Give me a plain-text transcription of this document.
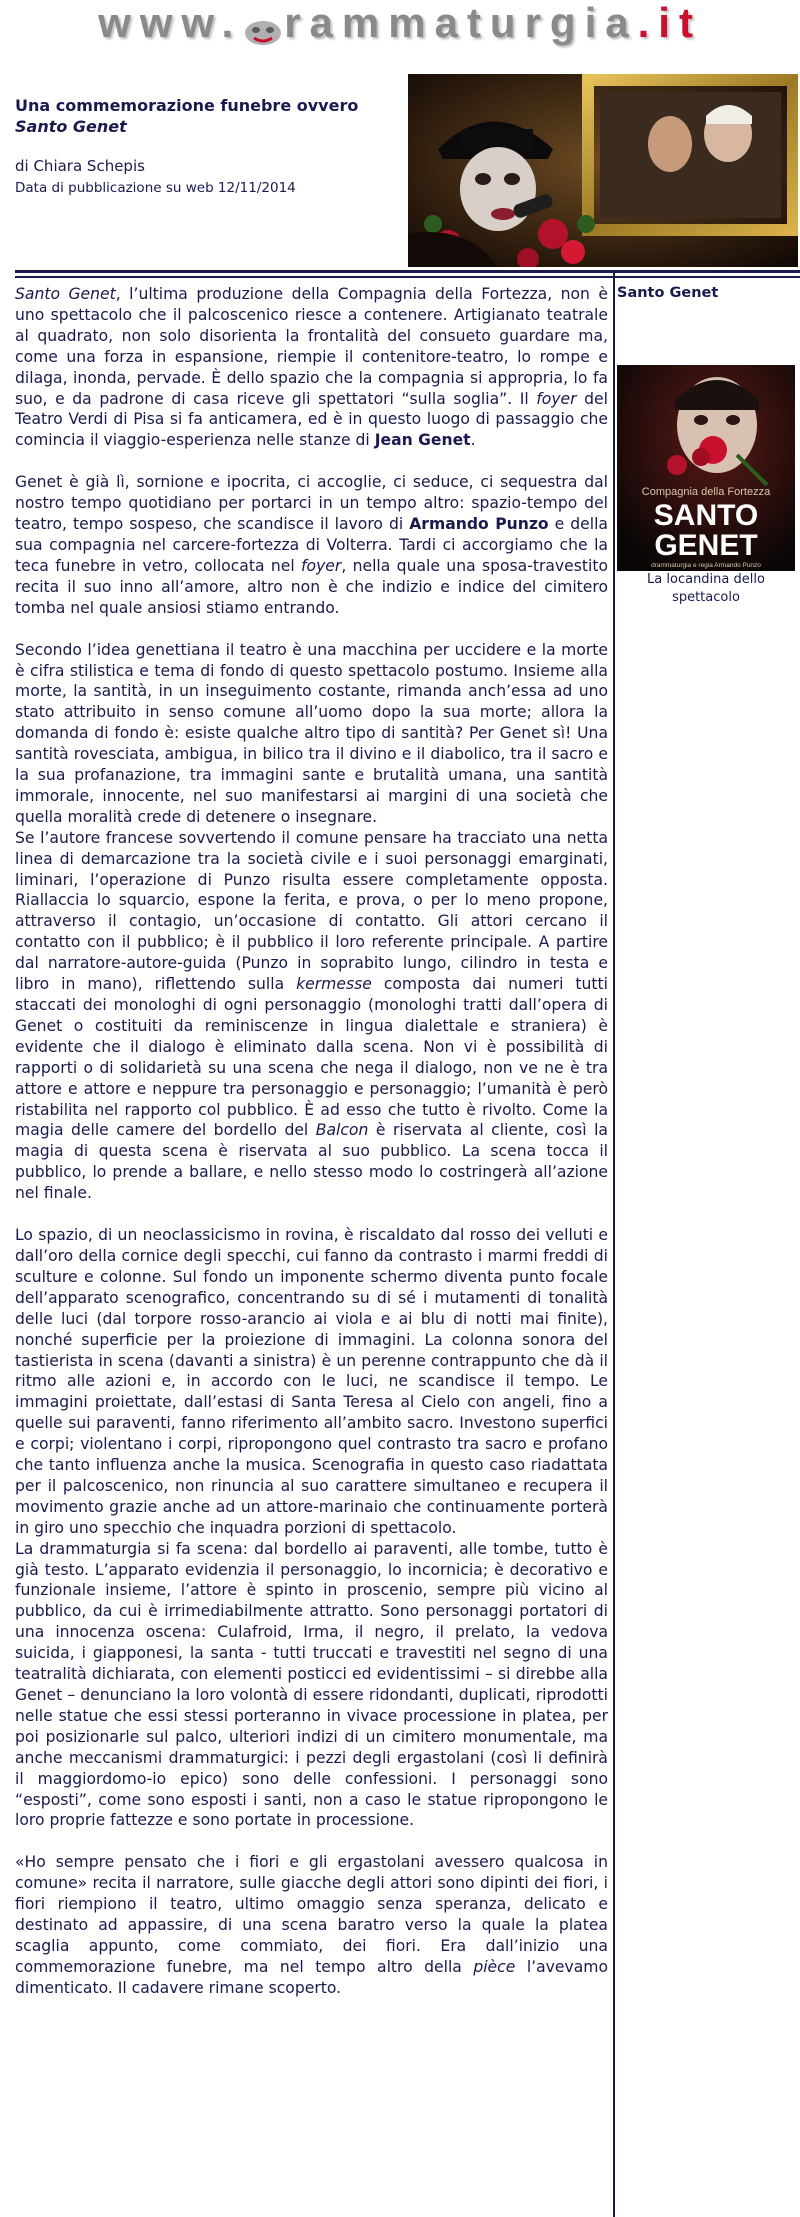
www. rammaturgia.it
Una commemorazione funebre ovvero
Santo Genet
di Chiara Schepis
Data di pubblicazione su web 12/11/2014

Santo Genet, l’ultima produzione della Compagnia della Fortezza, non è uno spettacolo che il palcoscenico riesce a contenere. Artigianato teatrale al quadrato, non solo disorienta la frontalità del consueto guardare ma, come una forza in espansione, riempie il contenitore-teatro, lo rompe e dilaga, inonda, pervade. È dello spazio che la compagnia si appropria, lo fa suo, e da padrone di casa riceve gli spettatori “sulla soglia”. Il foyer del Teatro Verdi di Pisa si fa anticamera, ed è in questo luogo di passaggio che comincia il viaggio-esperienza nelle stanze di Jean Genet.

Genet è già lì, sornione e ipocrita, ci accoglie, ci seduce, ci sequestra dal nostro tempo quotidiano per portarci in un tempo altro: spazio-tempo del teatro, tempo sospeso, che scandisce il lavoro di Armando Punzo e della sua compagnia nel carcere-fortezza di Volterra. Tardi ci accorgiamo che la teca funebre in vetro, collocata nel foyer, nella quale una sposa-travestito recita il suo inno all’amore, altro non è che indizio e indice del cimitero tomba nel quale ansiosi stiamo entrando.

Secondo l’idea genettiana il teatro è una macchina per uccidere e la morte è cifra stilistica e tema di fondo di questo spettacolo postumo. Insieme alla morte, la santità, in un inseguimento costante, rimanda anch’essa ad uno stato attribuito in senso comune all’uomo dopo la sua morte; allora la domanda di fondo è: esiste qualche altro tipo di santità? Per Genet sì! Una santità rovesciata, ambigua, in bilico tra il divino e il diabolico, tra il sacro e la sua profanazione, tra immagini sante e brutalità umana, una santità immorale, innocente, nel suo manifestarsi ai margini di una società che quella moralità crede di detenere o insegnare.

Se l’autore francese sovvertendo il comune pensare ha tracciato una netta linea di demarcazione tra la società civile e i suoi personaggi emarginati, liminari, l’operazione di Punzo risulta essere completamente opposta. Riallaccia lo squarcio, espone la ferita, e prova, o per lo meno propone, attraverso il contagio, un’occasione di contatto. Gli attori cercano il contatto con il pubblico; è il pubblico il loro referente principale. A partire dal narratore-autore-guida (Punzo in soprabito lungo, cilindro in testa e libro in mano), riflettendo sulla kermesse composta dai numeri tutti staccati dei monologhi di ogni personaggio (monologhi tratti dall’opera di Genet o costituiti da reminiscenze in lingua dialettale e straniera) è evidente che il dialogo è eliminato dalla scena. Non vi è possibilità di rapporti o di solidarietà su una scena che nega il dialogo, non ve ne è tra attore e attore e neppure tra personaggio e personaggio; l’umanità è però ristabilita nel rapporto col pubblico. È ad esso che tutto è rivolto. Come la magia delle camere del bordello del Balcon è riservata al cliente, così la magia di questa scena è riservata al suo pubblico. La scena tocca il pubblico, lo prende a ballare, e nello stesso modo lo costringerà all’azione nel finale.

Lo spazio, di un neoclassicismo in rovina, è riscaldato dal rosso dei velluti e dall’oro della cornice degli specchi, cui fanno da contrasto i marmi freddi di sculture e colonne. Sul fondo un imponente schermo diventa punto focale dell’apparato scenografico, concentrando su di sé i mutamenti di tonalità delle luci (dal torpore rosso-arancio ai viola e ai blu di notti mai finite), nonché superficie per la proiezione di immagini. La colonna sonora del tastierista in scena (davanti a sinistra) è un perenne contrappunto che dà il ritmo alle azioni e, in accordo con le luci, ne scandisce il tempo. Le immagini proiettate, dall’estasi di Santa Teresa al Cielo con angeli, fino a quelle sui paraventi, fanno riferimento all’ambito sacro. Investono superfici e corpi; violentano i corpi, ripropongono quel contrasto tra sacro e profano che tanto influenza anche la musica. Scenografia in questo caso riadattata per il palcoscenico, non rinuncia al suo carattere simultaneo e recupera il movimento grazie anche ad un attore-marinaio che continuamente porterà in giro uno specchio che inquadra porzioni di spettacolo.

La drammaturgia si fa scena: dal bordello ai paraventi, alle tombe, tutto è già testo. L’apparato evidenzia il personaggio, lo incornicia; è decorativo e funzionale insieme, l’attore è spinto in proscenio, sempre più vicino al pubblico, da cui è irrimediabilmente attratto. Sono personaggi portatori di una innocenza oscena: Culafroid, Irma, il negro, il prelato, la vedova suicida, i giapponesi, la santa - tutti truccati e travestiti nel segno di una teatralità dichiarata, con elementi posticci ed evidentissimi – si direbbe alla Genet – denunciano la loro volontà di essere ridondanti, duplicati, riprodotti nelle statue che essi stessi porteranno in vivace processione in platea, per poi posizionarle sul palco, ulteriori indizi di un cimitero monumentale, ma anche meccanismi drammaturgici: i pezzi degli ergastolani (così li definirà il maggiordomo-io epico) sono delle confessioni. I personaggi sono “esposti”, come sono esposti i santi, non a caso le statue ripropongono le loro proprie fattezze e sono portate in processione.

«Ho sempre pensato che i fiori e gli ergastolani avessero qualcosa in comune» recita il narratore, sulle giacche degli attori sono dipinti dei fiori, i fiori riempiono il teatro, ultimo omaggio senza speranza, delicato e destinato ad appassire, di una scena baratro verso la quale la platea scaglia appunto, come commiato, dei fiori. Era dall’inizio una commemorazione funebre, ma nel tempo altro della pièce l’avevamo dimenticato. Il cadavere rimane scoperto.

Santo Genet
Compagnia della Fortezza
SANTO
GENET
drammaturgia e regia Armando Punzo
La locandina dello spettacolo
